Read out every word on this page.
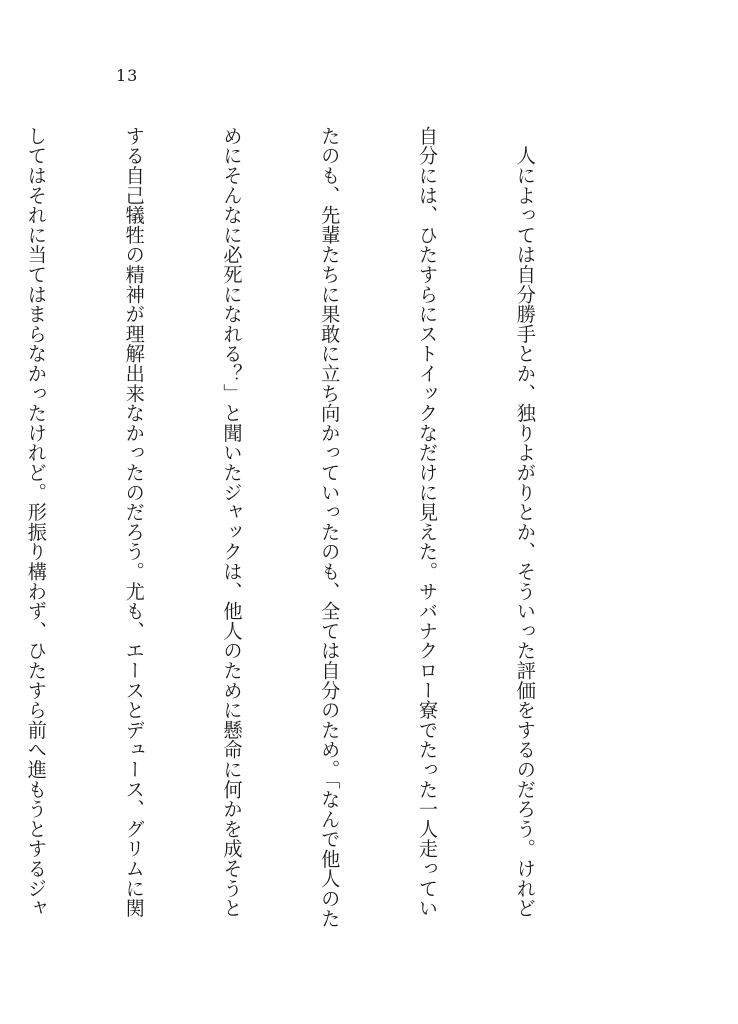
13

　人によっては自分勝手とか、独りよがりとか、そういった評価をするのだろう。けれど

自分には、ひたすらにストイックなだけに見えた。サバナクロー寮でたった一人走ってい

たのも、先輩たちに果敢に立ち向かっていったのも、全ては自分のため。「なんで他人のた

めにそんなに必死になれる？」と聞いたジャックは、他人のために懸命に何かを成そうと

する自己犠牲の精神が理解出来なかったのだろう。尤も、エースとデュース、グリムに関

してはそれに当てはまらなかったけれど。形振り構わず、ひたすら前へ進もうとするジャ
